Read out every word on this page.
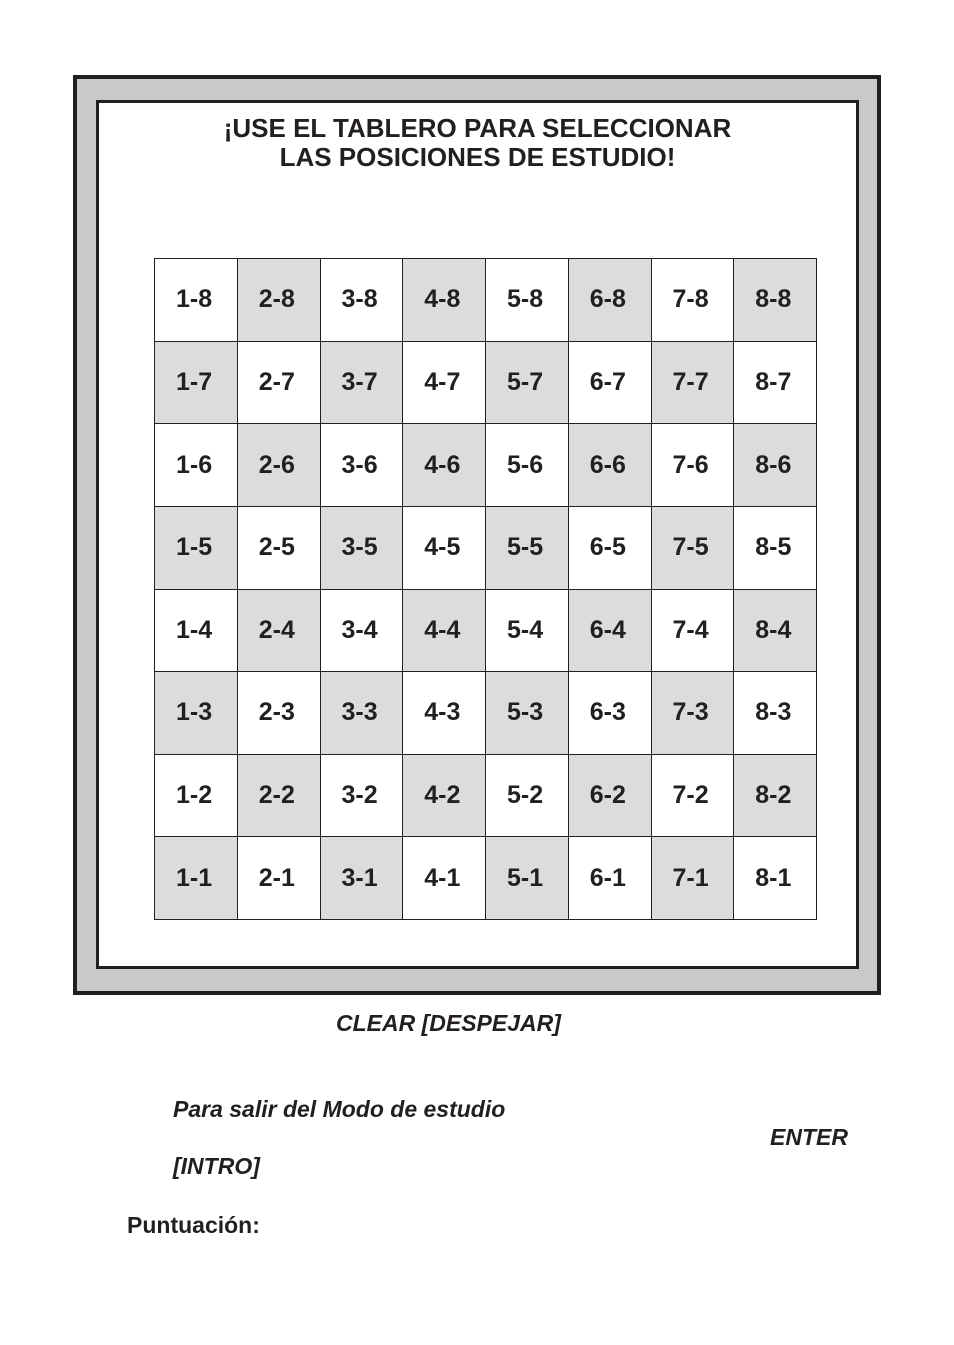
¡USE EL TABLERO PARA SELECCIONAR
LAS POSICIONES DE ESTUDIO!
1-8	2-8	3-8	4-8	5-8	6-8	7-8	8-8
1-7	2-7	3-7	4-7	5-7	6-7	7-7	8-7
1-6	2-6	3-6	4-6	5-6	6-6	7-6	8-6
1-5	2-5	3-5	4-5	5-5	6-5	7-5	8-5
1-4	2-4	3-4	4-4	5-4	6-4	7-4	8-4
1-3	2-3	3-3	4-3	5-3	6-3	7-3	8-3
1-2	2-2	3-2	4-2	5-2	6-2	7-2	8-2
1-1	2-1	3-1	4-1	5-1	6-1	7-1	8-1
CLEAR [DESPEJAR]
Para salir del Modo de estudio
ENTER
[INTRO]
Puntuación:
